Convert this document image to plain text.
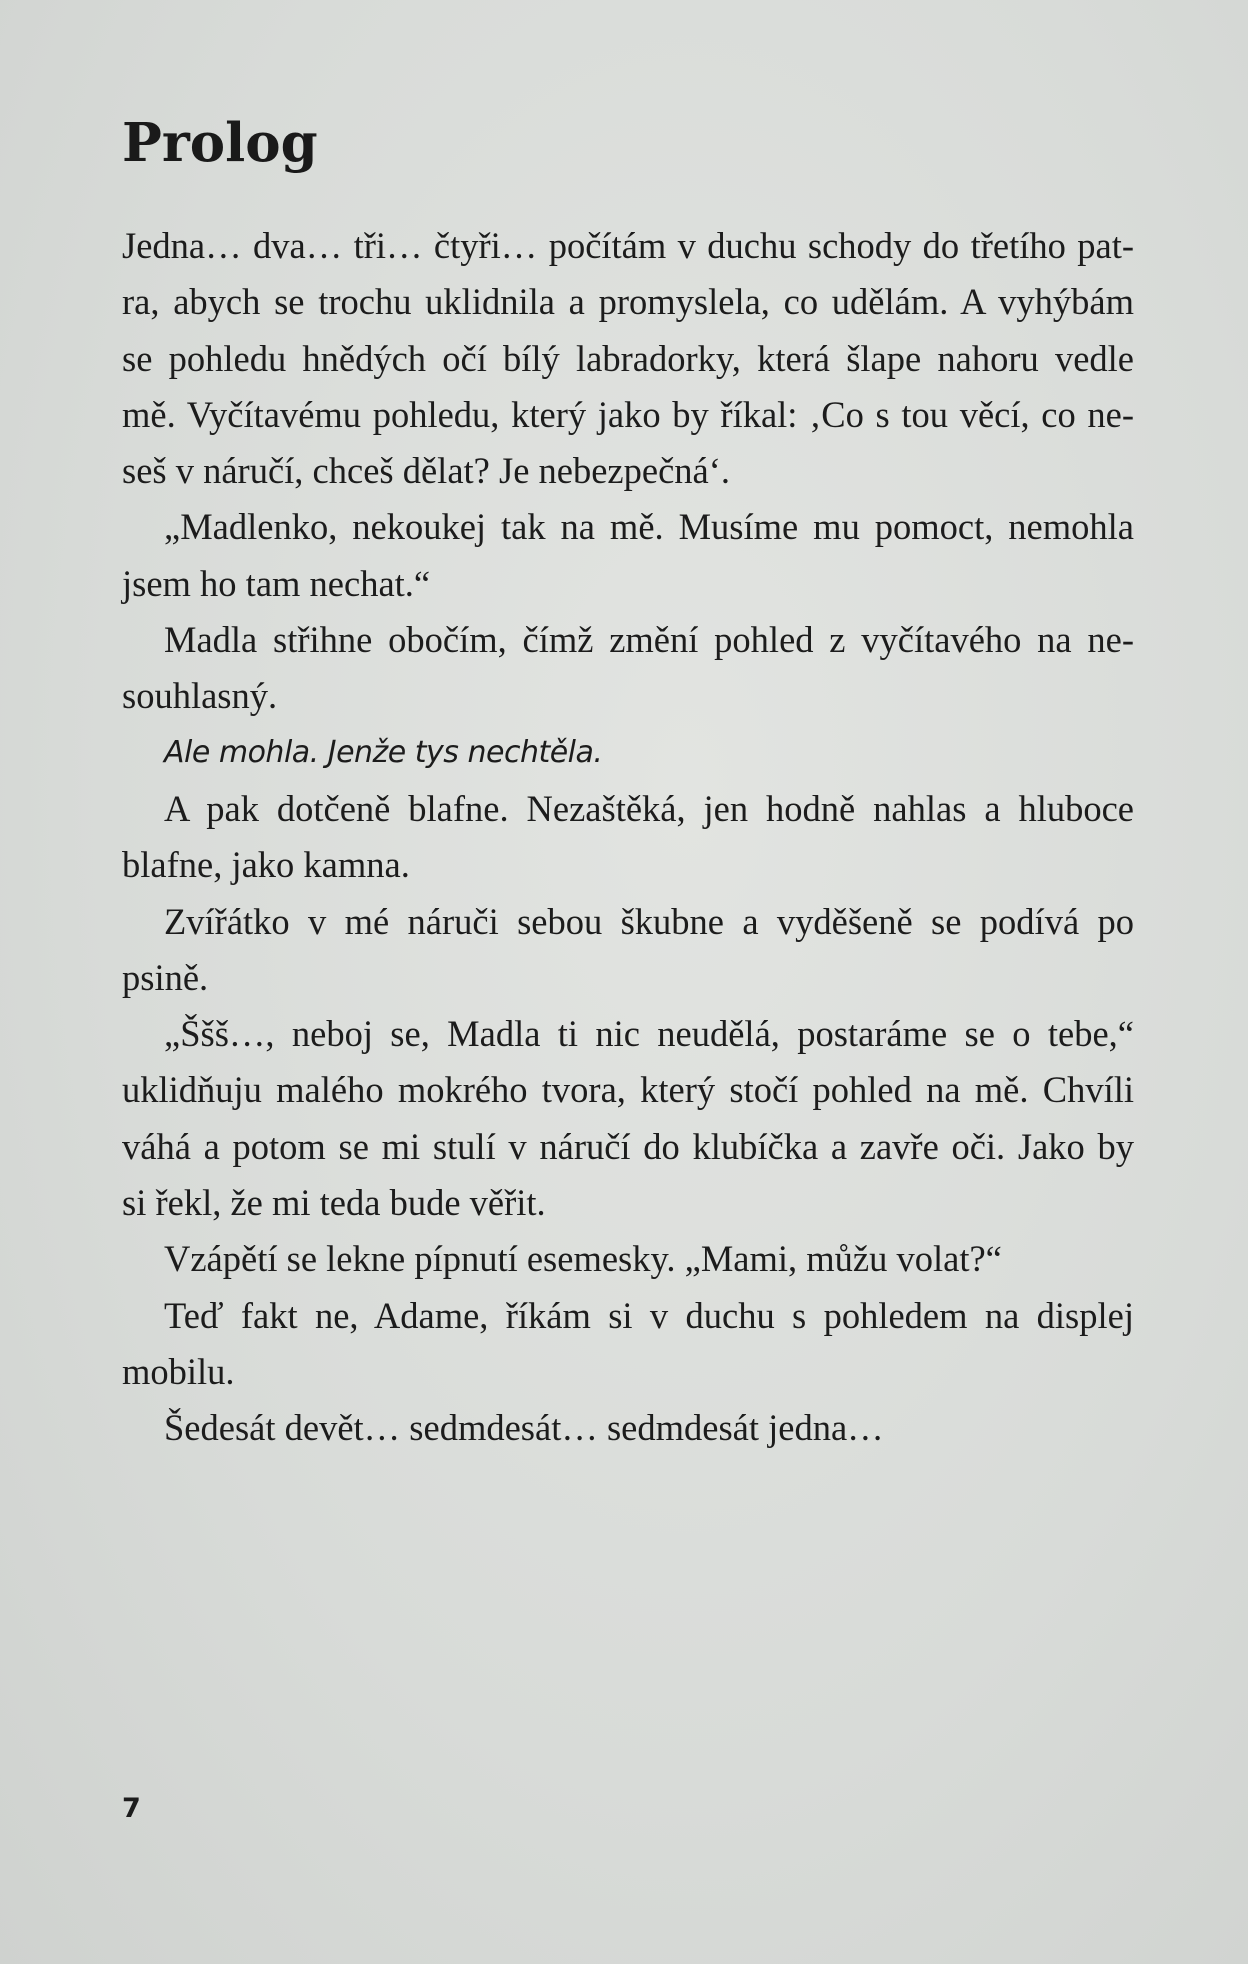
Prolog

Jedna… dva… tři… čtyři… počítám v duchu schody do třetího pat-
ra, abych se trochu uklidnila a promyslela, co udělám. A vyhýbám
se pohledu hnědých očí bílý labradorky, která šlape nahoru vedle
mě. Vyčítavému pohledu, který jako by říkal: ‚Co s tou věcí, co ne-
seš v náručí, chceš dělat? Je nebezpečná‘.

„Madlenko, nekoukej tak na mě. Musíme mu pomoct, nemohla
jsem ho tam nechat.“

Madla střihne obočím, čímž změní pohled z vyčítavého na ne-
souhlasný.

Ale mohla. Jenže tys nechtěla.

A pak dotčeně blafne. Nezaštěká, jen hodně nahlas a hluboce
blafne, jako kamna.

Zvířátko v mé náruči sebou škubne a vyděšeně se podívá po
psině.

„Ššš…, neboj se, Madla ti nic neudělá, postaráme se o tebe,“
uklidňuju malého mokrého tvora, který stočí pohled na mě. Chvíli
váhá a potom se mi stulí v náručí do klubíčka a zavře oči. Jako by
si řekl, že mi teda bude věřit.

Vzápětí se lekne pípnutí esemesky. „Mami, můžu volat?“

Teď fakt ne, Adame, říkám si v duchu s pohledem na displej
mobilu.

Šedesát devět… sedmdesát… sedmdesát jedna…

7
